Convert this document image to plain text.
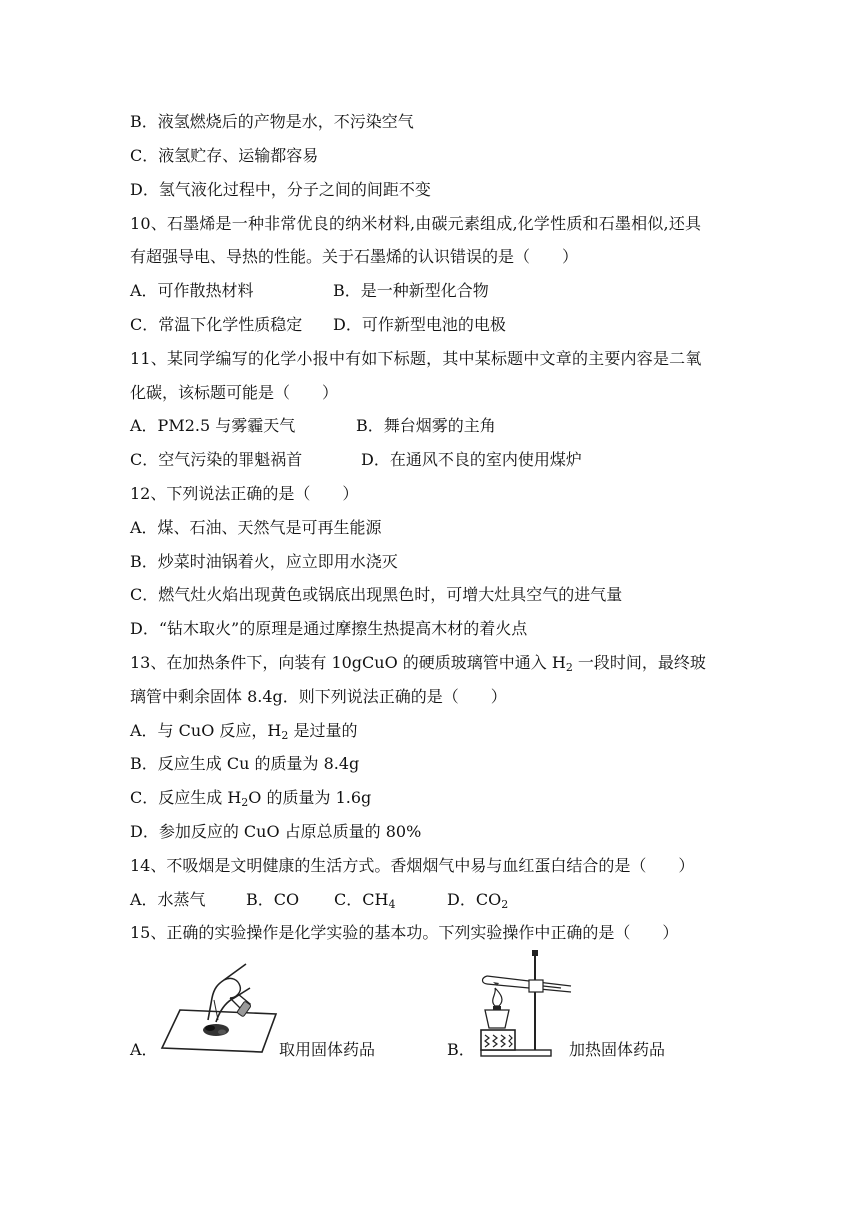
B．液氢燃烧后的产物是水，不污染空气
C．液氢贮存、运输都容易
D．氢气液化过程中，分子之间的间距不变
10、石墨烯是一种非常优良的纳米材料,由碳元素组成,化学性质和石墨相似,还具
有超强导电、导热的性能。关于石墨烯的认识错误的是（　　）
A．可作散热材料	B．是一种新型化合物
C．常温下化学性质稳定 D．可作新型电池的电极
11、某同学编写的化学小报中有如下标题，其中某标题中文章的主要内容是二氧
化碳，该标题可能是（　　）
A．PM2.5 与雾霾天气	B．舞台烟雾的主角
C．空气污染的罪魁祸首	D．在通风不良的室内使用煤炉
12、下列说法正确的是（　　）
A．煤、石油、天然气是可再生能源
B．炒菜时油锅着火，应立即用水浇灭
C．燃气灶火焰出现黄色或锅底出现黑色时，可增大灶具空气的进气量
D．“钻木取火”的原理是通过摩擦生热提高木材的着火点
13、在加热条件下，向装有 10gCuO 的硬质玻璃管中通入 $H_2$ 一段时间，最终玻
璃管中剩余固体 8.4g．则下列说法正确的是（　　）
A．与 CuO 反应，$H_2$ 是过量的
B．反应生成 Cu 的质量为 8.4g
C．反应生成 $H_2O$ 的质量为 1.6g
D．参加反应的 CuO 占原总质量的 80%
14、不吸烟是文明健康的生活方式。香烟烟气中易与血红蛋白结合的是（　　）
A．水蒸气	B．CO C．$CH_4$	D．$CO_2$
15、正确的实验操作是化学实验的基本功。下列实验操作中正确的是（　　）
A．	取用固体药品	B．	加热固体药品
